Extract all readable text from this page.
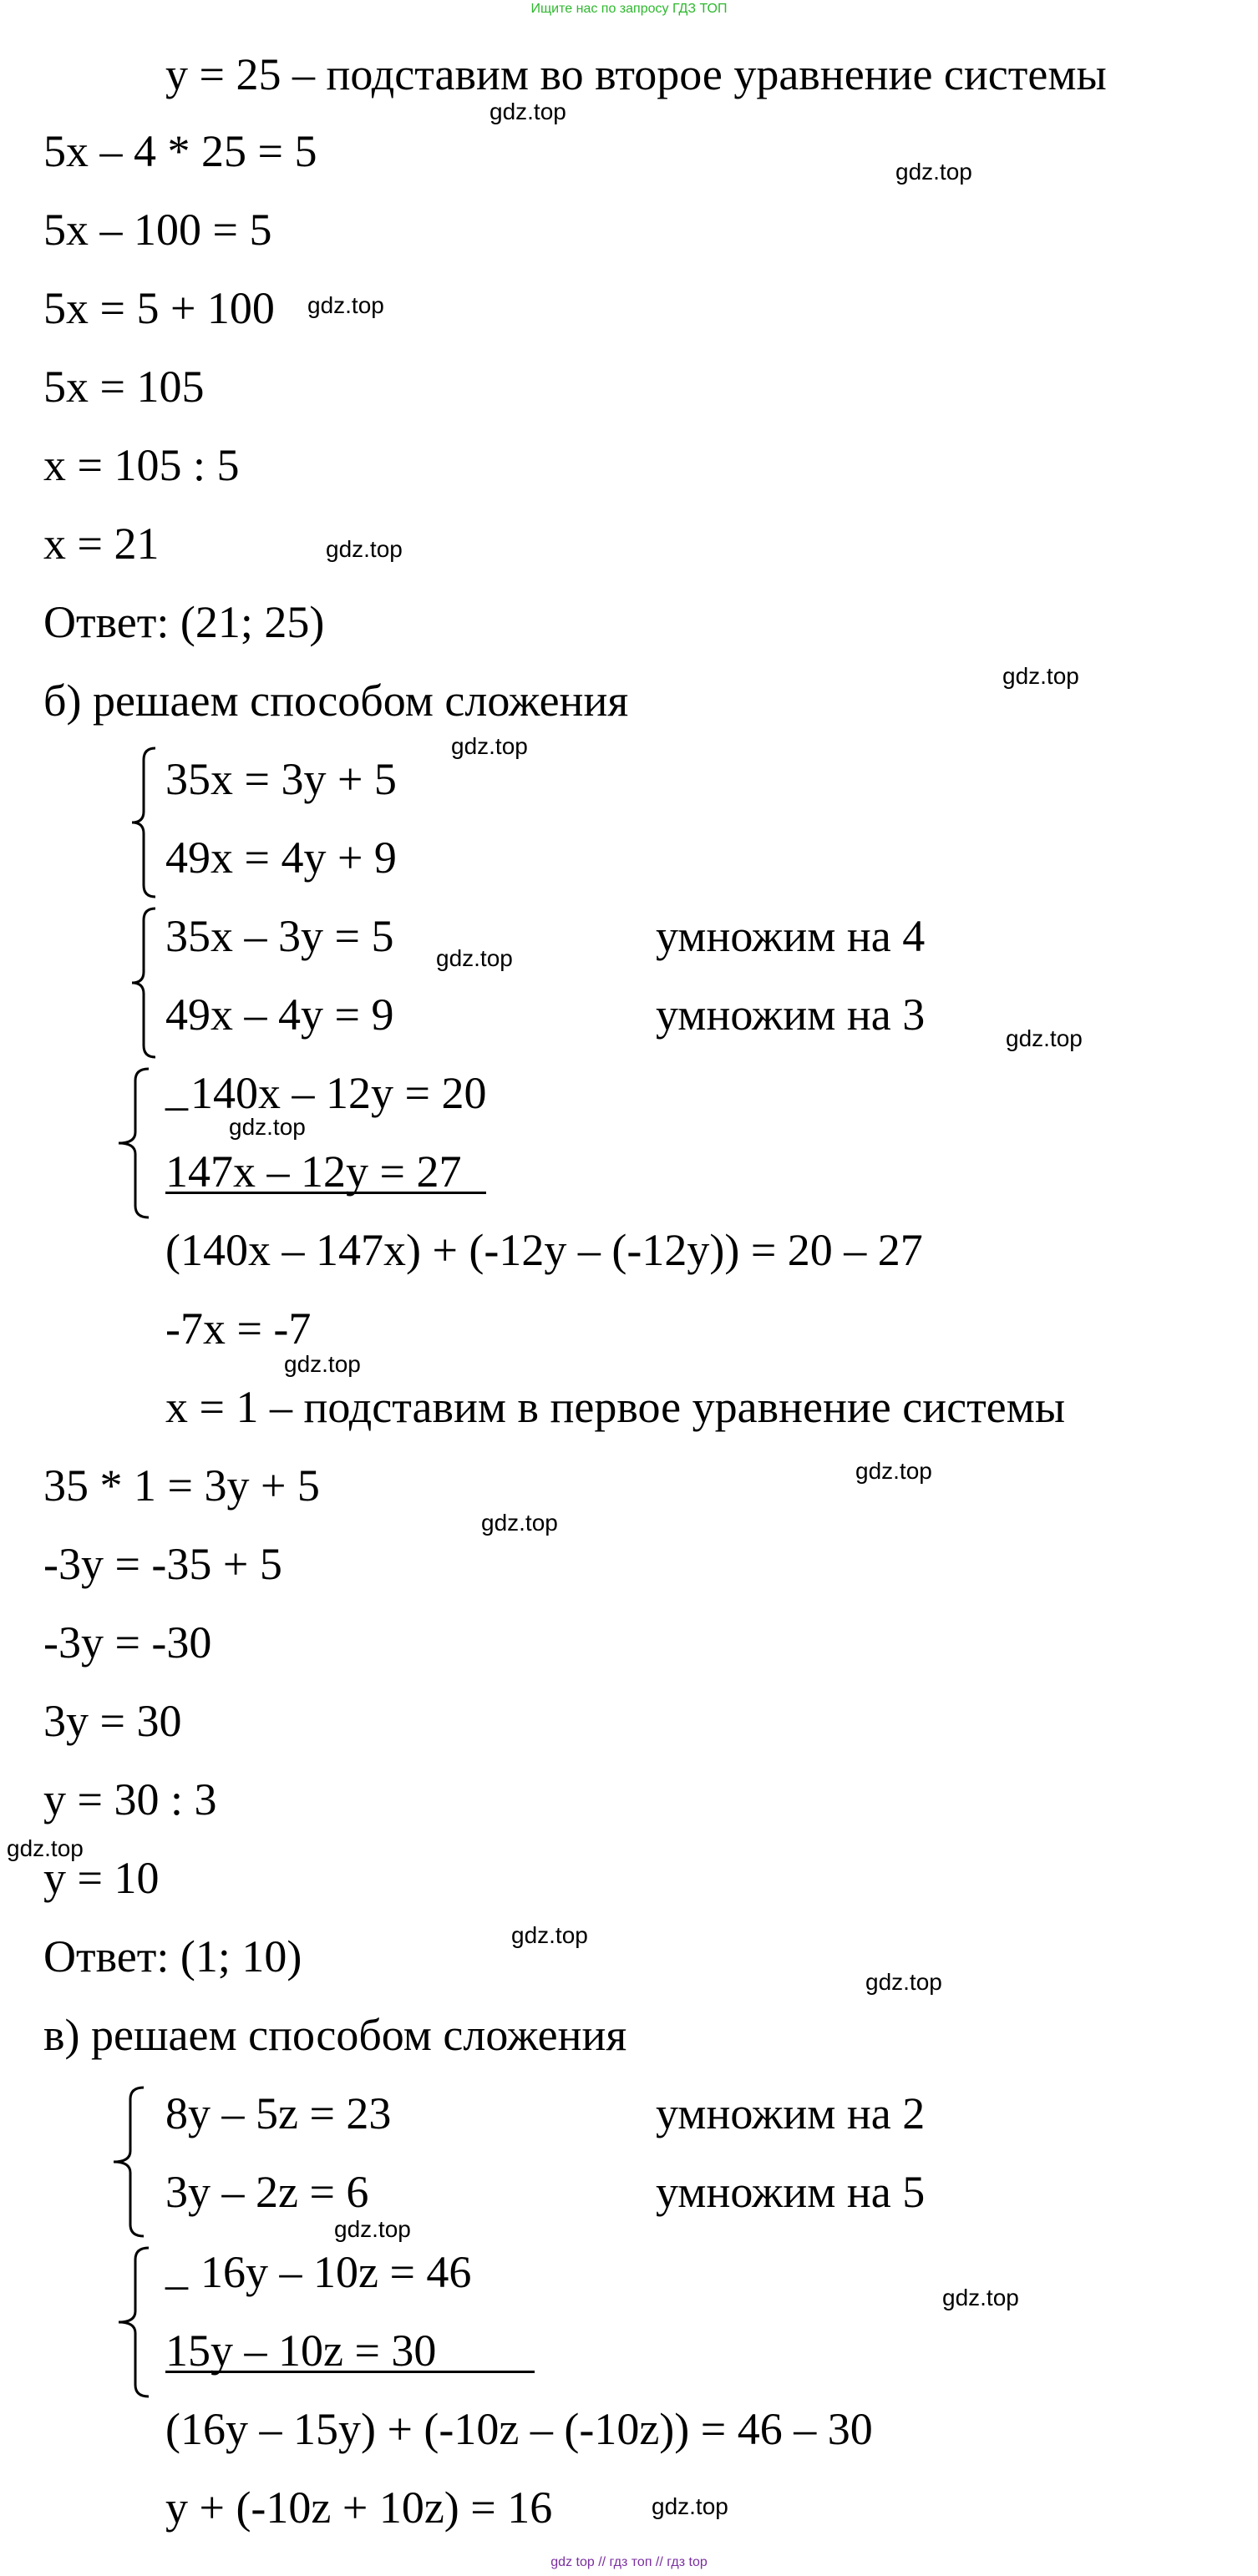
Ищите нас по запросу ГДЗ ТОП
y = 25 – подставим во второе уравнение системы
5x – 4 * 25 = 5
5x – 100 = 5
5x = 5 + 100
5x = 105
x = 105 : 5
x = 21
Ответ: (21; 25)
б) решаем способом сложения
35x = 3y + 5
49x = 4y + 9
35x – 3y = 5
49x – 4y = 9
умножим на 4
умножим на 3
_ 140x – 12y = 20
147x – 12y = 27
(140x – 147x) + (-12y – (-12y)) = 20 – 27
-7x = -7
x = 1 – подставим в первое уравнение системы
35 * 1 = 3y + 5
-3y = -35 + 5
-3y = -30
3y = 30
y = 30 : 3
y = 10
Ответ: (1; 10)
в) решаем способом сложения
8y – 5z = 23
3y – 2z = 6
умножим на 2
умножим на 5
_ 16y – 10z = 46
15y – 10z = 30
(16y – 15y) + (-10z – (-10z)) = 46 – 30
y + (-10z + 10z) = 16
gdz.top
gdz.top
gdz.top
gdz.top
gdz.top
gdz.top
gdz.top
gdz.top
gdz.top
gdz.top
gdz.top
gdz.top
gdz.top
gdz.top
gdz.top
gdz.top
gdz.top
gdz.top
gdz top // гдз топ // гдз top
